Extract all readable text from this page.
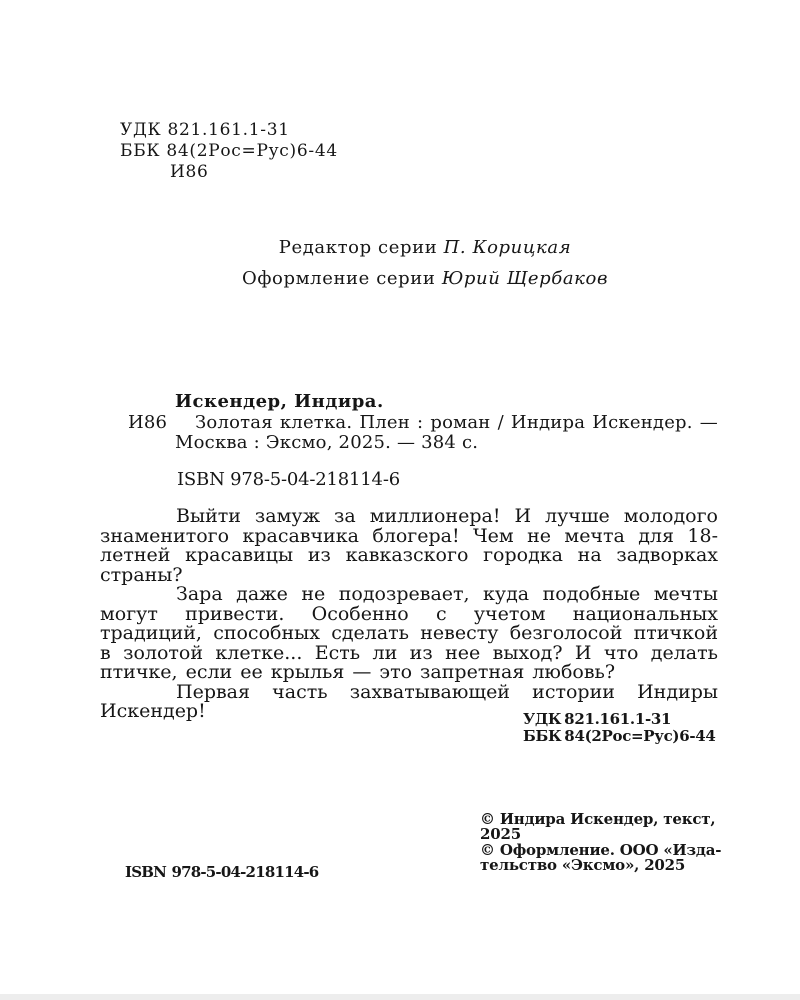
УДК 821.161.1-31
ББК 84(2Рос=Рус)6-44
И86
Редактор серии П. Корицкая
Оформление серии Юрий Щербаков
Искендер, Индира.
И86	Золотая клетка. Плен : роман / Индира Искендер. — Москва : Эксмо, 2025. — 384 с.
ISBN 978-5-04-218114-6

Выйти замуж за миллионера! И лучше молодого знаменитого красавчика блогера! Чем не мечта для 18-летней красавицы из кавказского городка на задворках страны?

Зара даже не подозревает, куда подобные мечты могут привести. Особенно с учетом национальных традиций, способных сделать невесту безголосой птичкой в золотой клетке... Есть ли из нее выход? И что делать птичке, если ее крылья — это запретная любовь?

Первая часть захватывающей истории Индиры Искендер!	УДК 821.161.1-31
ББК 84(2Рос=Рус)6-44
© Индира Искендер, текст,
2025
© Оформление. ООО «Изда-
тельство «Эксмо», 2025
ISBN 978-5-04-218114-6
